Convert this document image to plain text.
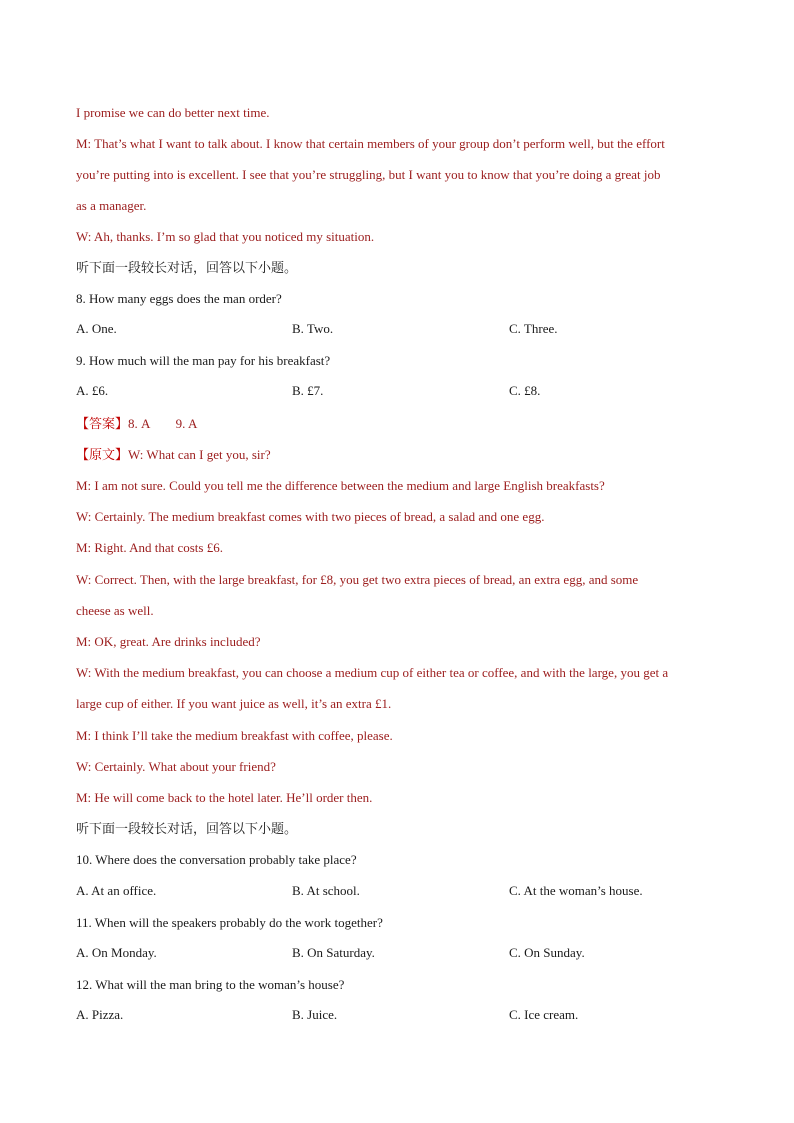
I promise we can do better next time.
M: That’s what I want to talk about. I know that certain members of your group don’t perform well, but the effort
you’re putting into is excellent. I see that you’re struggling, but I want you to know that you’re doing a great job
as a manager.
W: Ah, thanks. I’m so glad that you noticed my situation.
听下面一段较长对话，回答以下小题。
8. How many eggs does the man order?
A. One.	B. Two.	C. Three.
9. How much will the man pay for his breakfast?
A. £6.	B. £7.	C. £8.
【答案】8. A        9. A
【原文】W: What can I get you, sir?
M: I am not sure. Could you tell me the difference between the medium and large English breakfasts?
W: Certainly. The medium breakfast comes with two pieces of bread, a salad and one egg.
M: Right. And that costs £6.
W: Correct. Then, with the large breakfast, for £8, you get two extra pieces of bread, an extra egg, and some
cheese as well.
M: OK, great. Are drinks included?
W: With the medium breakfast, you can choose a medium cup of either tea or coffee, and with the large, you get a
large cup of either. If you want juice as well, it’s an extra £1.
M: I think I’ll take the medium breakfast with coffee, please.
W: Certainly. What about your friend?
M: He will come back to the hotel later. He’ll order then.
听下面一段较长对话，回答以下小题。
10. Where does the conversation probably take place?
A. At an office.	B. At school.	C. At the woman’s house.
11. When will the speakers probably do the work together?
A. On Monday.	B. On Saturday.	C. On Sunday.
12. What will the man bring to the woman’s house?
A. Pizza.	B. Juice.	C. Ice cream.
